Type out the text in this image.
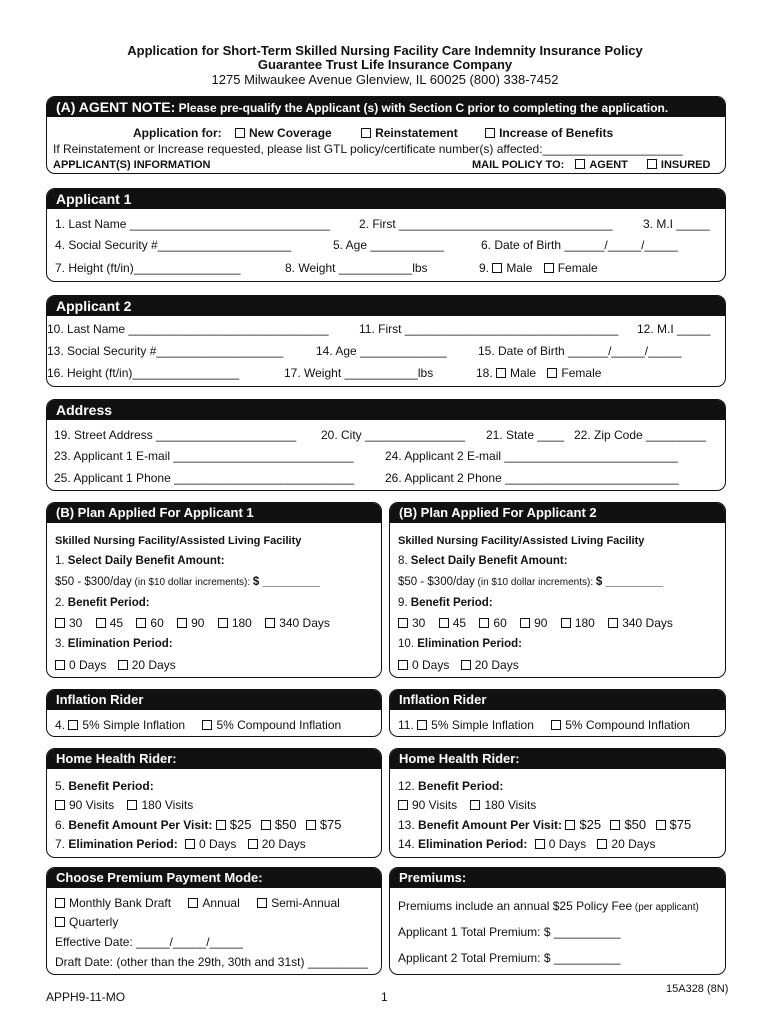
Application for Short-Term Skilled Nursing Facility Care Indemnity Insurance Policy
Guarantee Trust Life Insurance Company
1275 Milwaukee Avenue Glenview, IL 60025 (800) 338-7452
(A) AGENT NOTE: Please pre-qualify the Applicant (s) with Section C prior to completing the application.
Application for: New Coverage	Reinstatement	Increase of Benefits
If Reinstatement or Increase requested, please list GTL policy/certificate number(s) affected:_____________________
APPLICANT(S) INFORMATION	MAIL POLICY TO: AGENT	INSURED
Applicant 1
1. Last Name ______________________________ 2. First ________________________________	3. M.I _____
4. Social Security #____________________	5. Age ___________	6. Date of Birth ______/_____/_____
7. Height (ft/in)________________	8. Weight ___________lbs	9. Male Female
Applicant 2
10. Last Name ______________________________	11. First ________________________________ 12. M.I _____
13. Social Security #___________________	14. Age _____________	15. Date of Birth ______/_____/_____
16. Height (ft/in)________________	17. Weight ___________lbs	18. Male Female
Address
19. Street Address _____________________ 20. City _______________ 21. State ____ 22. Zip Code _________
23. Applicant 1 E-mail ___________________________	24. Applicant 2 E-mail __________________________
25. Applicant 1 Phone ___________________________	26. Applicant 2 Phone __________________________
(B) Plan Applied For Applicant 1
Skilled Nursing Facility/Assisted Living Facility
1. Select Daily Benefit Amount:
$50 - $300/day (in $10 dollar increments): $ _________
2. Benefit Period:
30 45 60 90 180 340 Days
3. Elimination Period:
0 Days 20 Days
(B) Plan Applied For Applicant 2
Skilled Nursing Facility/Assisted Living Facility
8. Select Daily Benefit Amount:
$50 - $300/day (in $10 dollar increments): $ _________
9. Benefit Period:
30 45 60 90 180 340 Days
10. Elimination Period:
0 Days 20 Days
Inflation Rider
4. 5% Simple Inflation	5% Compound Inflation
Inflation Rider
11. 5% Simple Inflation	5% Compound Inflation
Home Health Rider:
5. Benefit Period:
90 Visits 180 Visits
6. Benefit Amount Per Visit: $25 $50 $75
7. Elimination Period: 0 Days 20 Days
Home Health Rider:
12. Benefit Period:
90 Visits 180 Visits
13. Benefit Amount Per Visit: $25 $50 $75
14. Elimination Period: 0 Days 20 Days
Choose Premium Payment Mode:
Monthly Bank Draft	Annual	Semi-Annual
Quarterly
Effective Date: _____/_____/_____
Draft Date: (other than the 29th, 30th and 31st) _________
Premiums:
Premiums include an annual $25 Policy Fee (per applicant)
Applicant 1 Total Premium: $ __________
Applicant 2 Total Premium: $ __________
APPH9-11-MO	1
15A328 (8N)
